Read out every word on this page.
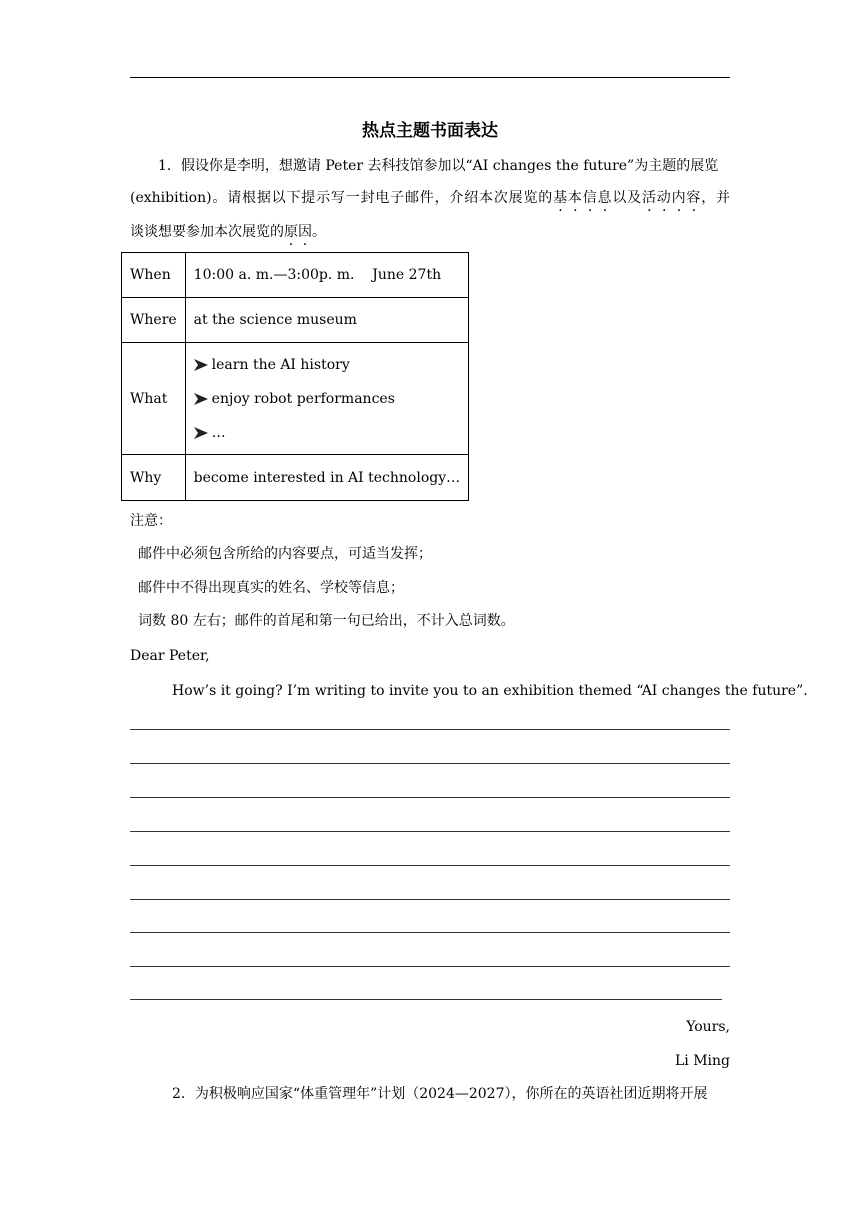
热点主题书面表达
1．假设你是李明，想邀请 Peter 去科技馆参加以“AI changes the future”为主题的展览
(exhibition)。请根据以下提示写一封电子邮件，介绍本次展览的基本信息以及活动内容，并
谈谈想要参加本次展览的原因。
When	10:00 a. m.—3:00p. m.    June 27th
Where	at the science museum
What	learn the AI history
enjoy robot performances
…

Why	become interested in AI technology…
注意：
邮件中必须包含所给的内容要点，可适当发挥；
邮件中不得出现真实的姓名、学校等信息；
词数 80 左右；邮件的首尾和第一句已给出，不计入总词数。
Dear Peter,
How’s it going? I’m writing to invite you to an exhibition themed “AI changes the future”.
Yours,
Li Ming
2．为积极响应国家“体重管理年”计划（2024—2027），你所在的英语社团近期将开展
